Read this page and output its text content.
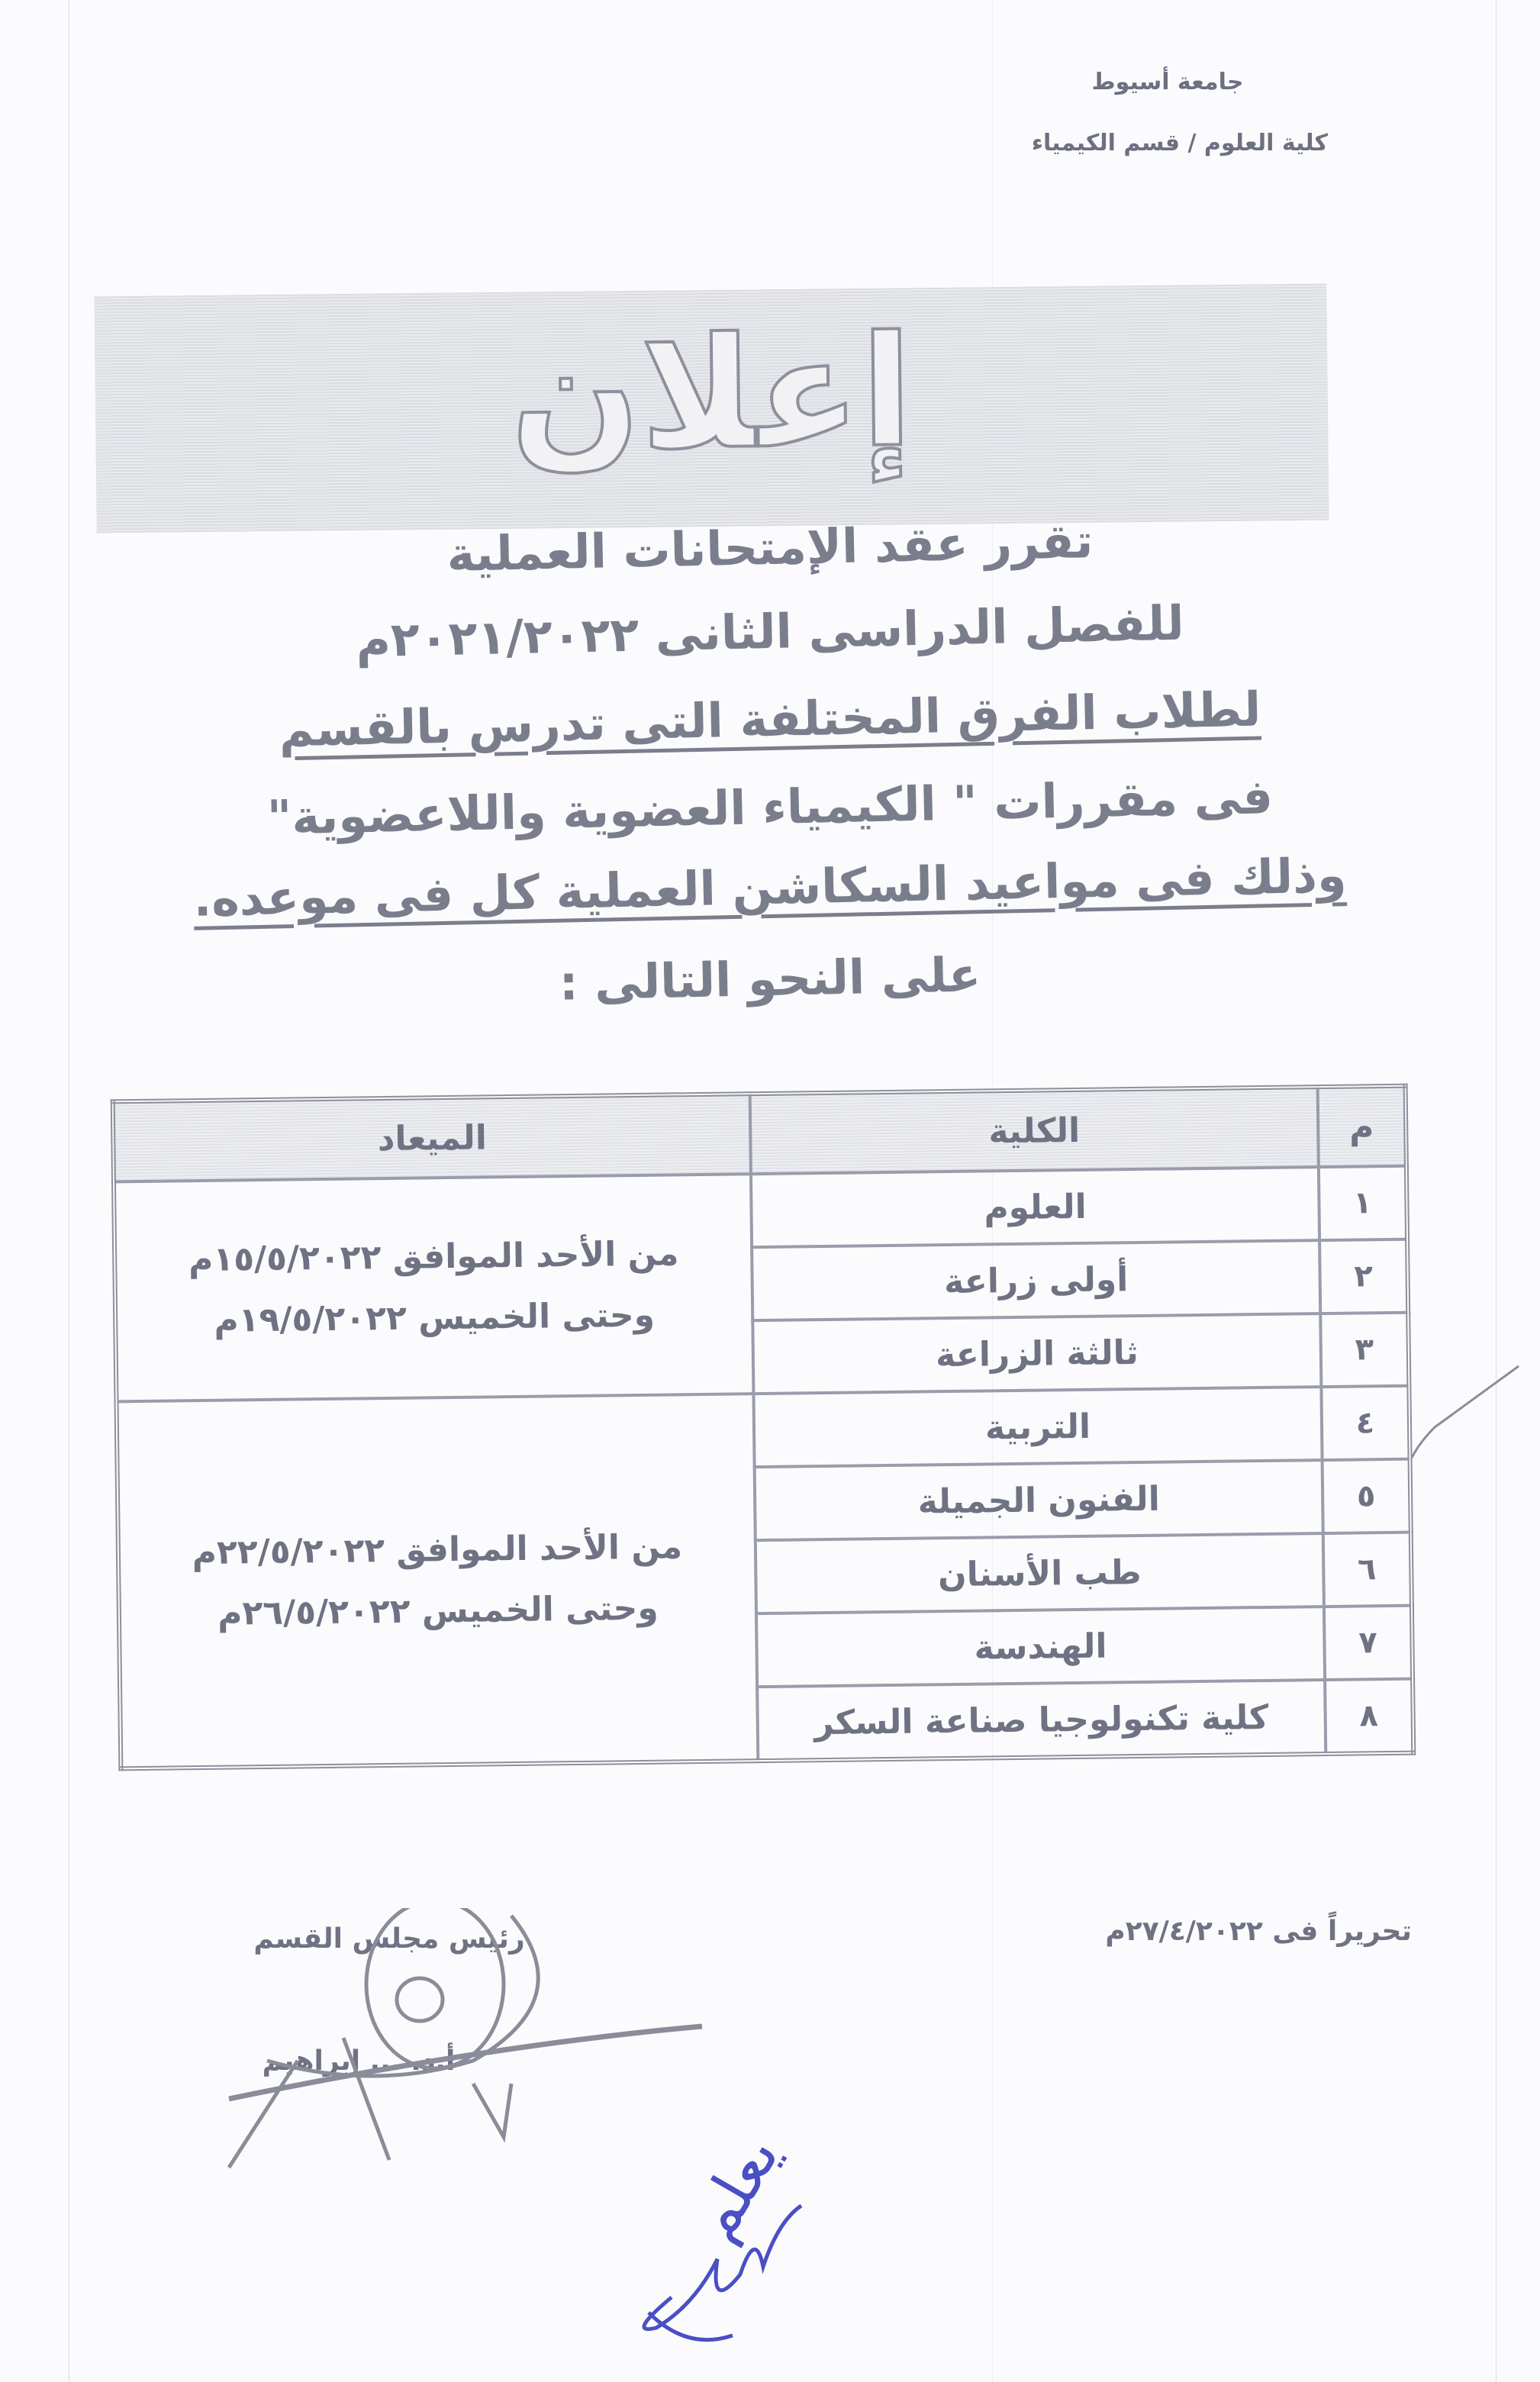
جامعة أسيوط
كلية العلوم / قسم الكيمياء
إعلان
تقرر عقد الإمتحانات العملية
للفصل الدراسى الثانى ٢٠٢١/٢٠٢٢م
لطلاب الفرق المختلفة التى تدرس بالقسم
فى مقررات " الكيمياء العضوية واللاعضوية"
وذلك فى مواعيد السكاشن العملية كل فى موعده.
على النحو التالى :
م	الكلية	الميعاد
١	العلوم	من الأحد الموافق ١٥/٥/٢٠٢٢م
وحتى الخميس ١٩/٥/٢٠٢٢م

٢	أولى زراعة	
٣	ثالثة الزراعة	
٤	التربية	من الأحد الموافق ٢٢/٥/٢٠٢٢م
وحتى الخميس ٢٦/٥/٢٠٢٢م

٥	الفنون الجميلة	
٦	طب الأسنان	
٧	الهندسة	
٨	كلية تكنولوجيا صناعة السكر	
تحريراً فى ٢٧/٤/٢٠٢٢م
رئيس مجلس القسم
أ.د. ... إبراهيم
يعلم
